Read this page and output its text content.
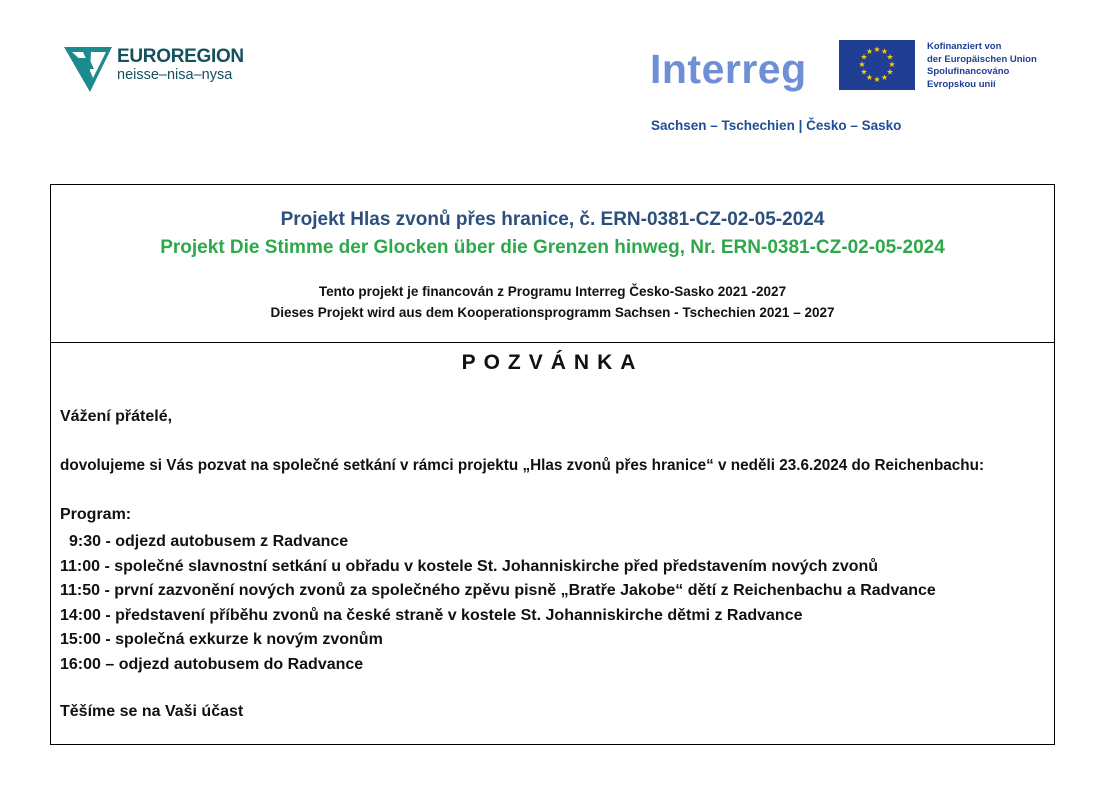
EUROREGION
neisse–nisa–nysa	Interreg	★ ★
★
★
★
★
★
★
★
★
★
★	Kofinanziert von
der Europäischen Union
Spolufinancováno
Evropskou unií
Sachsen – Tschechien | Česko – Sasko
Projekt Hlas zvonů přes hranice, č. ERN-0381-CZ-02-05-2024
Projekt Die Stimme der Glocken über die Grenzen hinweg, Nr. ERN-0381-CZ-02-05-2024
Tento projekt je financován z Programu Interreg Česko-Sasko 2021 -2027
Dieses Projekt wird aus dem Kooperationsprogramm Sachsen - Tschechien 2021 – 2027
POZVÁNKA
Vážení přátelé,
dovolujeme si Vás pozvat na společné setkání v rámci projektu „Hlas zvonů přes hranice“ v neděli 23.6.2024 do Reichenbachu:
Program:
9:30 - odjezd autobusem z Radvance
11:00 - společné slavnostní setkání u obřadu v kostele St. Johanniskirche před představením nových zvonů
11:50 - první zazvonění nových zvonů za společného zpěvu pisně „Bratře Jakobe“ dětí z Reichenbachu a Radvance
14:00 - představení příběhu zvonů na české straně v kostele St. Johanniskirche dětmi z Radvance
15:00 - společná exkurze k novým zvonům
16:00 – odjezd autobusem do Radvance
Těšíme se na Vaši účast
